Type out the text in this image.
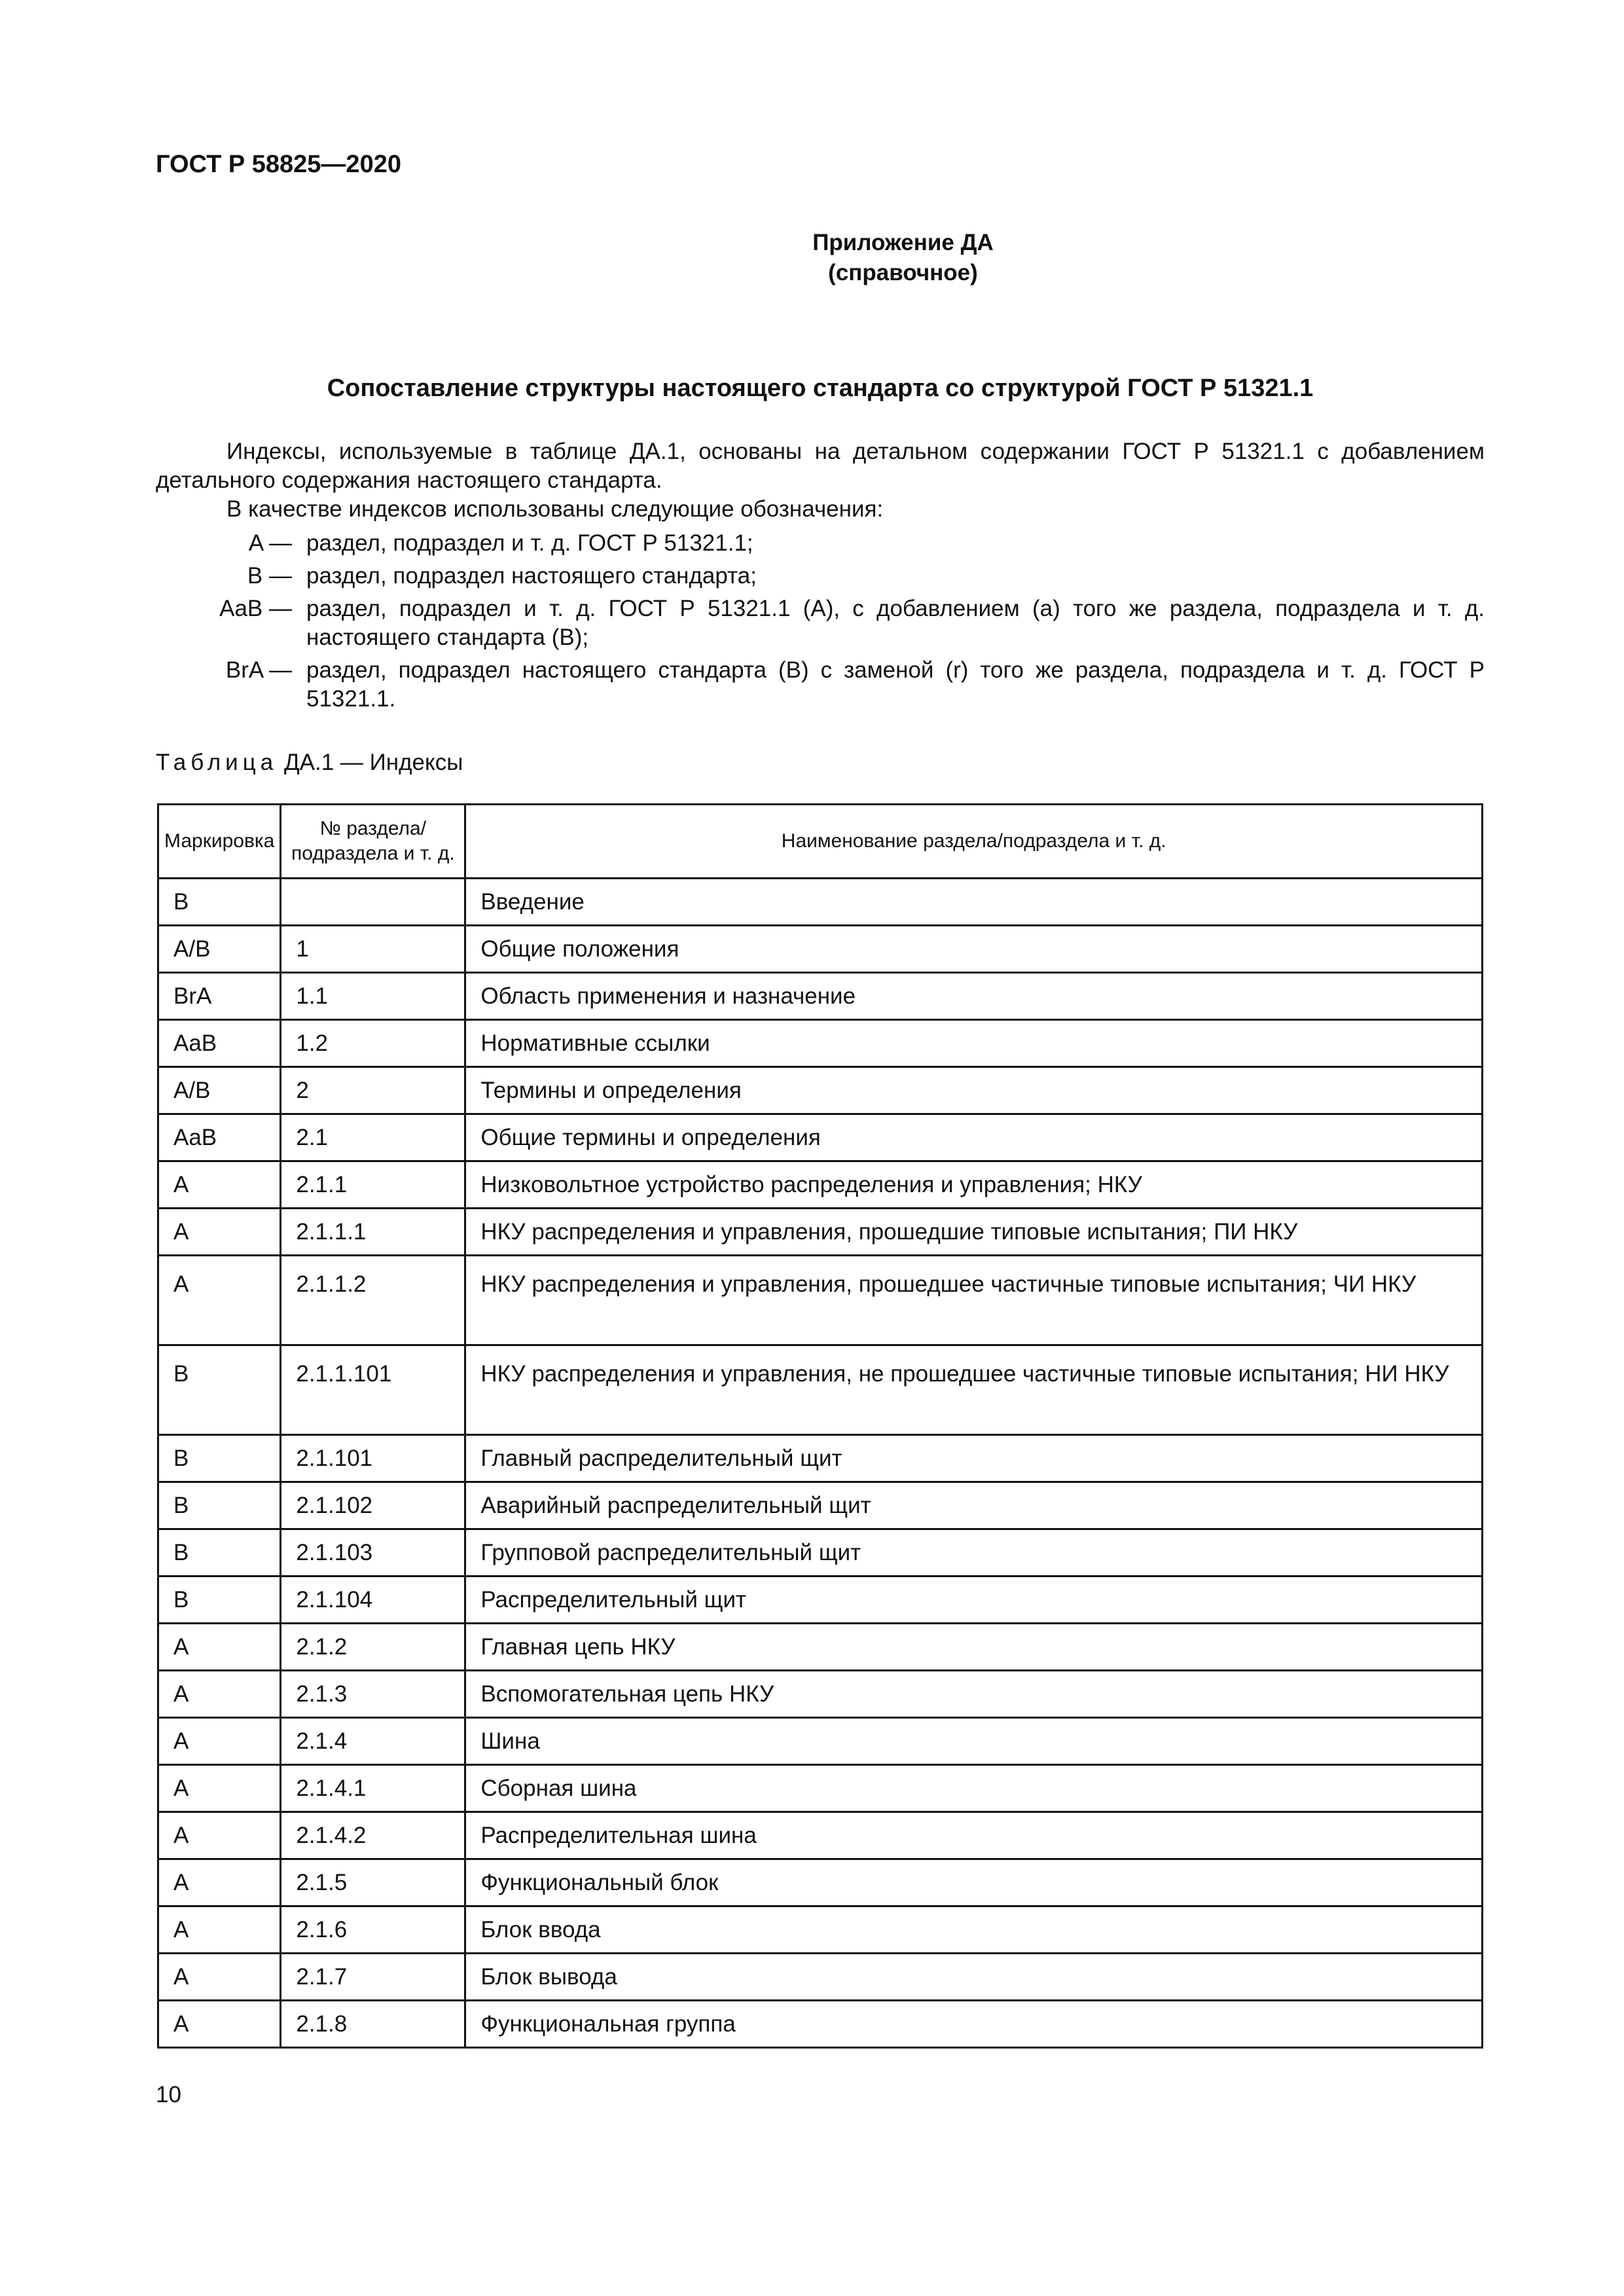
ГОСТ Р 58825—2020
Приложение ДА
(справочное)
Сопоставление структуры настоящего стандарта со структурой ГОСТ Р 51321.1

Индексы, используемые в таблице ДА.1, основаны на детальном содержании ГОСТ Р 51321.1 с добавлением детального содержания настоящего стандарта.

В качестве индексов использованы следующие обозначения:

A — раздел, подраздел и т. д. ГОСТ Р 51321.1;
B — раздел, подраздел настоящего стандарта;
AaB — раздел, подраздел и т. д. ГОСТ Р 51321.1 (А), с добавлением (а) того же раздела, подраздела и т. д. настоящего стандарта (В);
BrA — раздел, подраздел настоящего стандарта (В) с заменой (r) того же раздела, подраздела и т. д. ГОСТ Р 51321.1.
Таблица ДА.1 — Индексы
Маркировка	№ раздела/ подраздела и т. д.	Наименование раздела/подраздела и т. д.
B		Введение
A/B	1	Общие положения
BrA	1.1	Область применения и назначение
AaB	1.2	Нормативные ссылки
A/B	2	Термины и определения
AaB	2.1	Общие термины и определения
A	2.1.1	Низковольтное устройство распределения и управления; НКУ
A	2.1.1.1	НКУ распределения и управления, прошедшие типовые испытания; ПИ НКУ
A	2.1.1.2	НКУ распределения и управления, прошедшее частичные типовые испытания; ЧИ НКУ
B	2.1.1.101	НКУ распределения и управления, не прошедшее частичные типовые испытания; НИ НКУ
B	2.1.101	Главный распределительный щит
B	2.1.102	Аварийный распределительный щит
B	2.1.103	Групповой распределительный щит
B	2.1.104	Распределительный щит
A	2.1.2	Главная цепь НКУ
A	2.1.3	Вспомогательная цепь НКУ
A	2.1.4	Шина
A	2.1.4.1	Сборная шина
A	2.1.4.2	Распределительная шина
A	2.1.5	Функциональный блок
A	2.1.6	Блок ввода
A	2.1.7	Блок вывода
A	2.1.8	Функциональная группа
10
